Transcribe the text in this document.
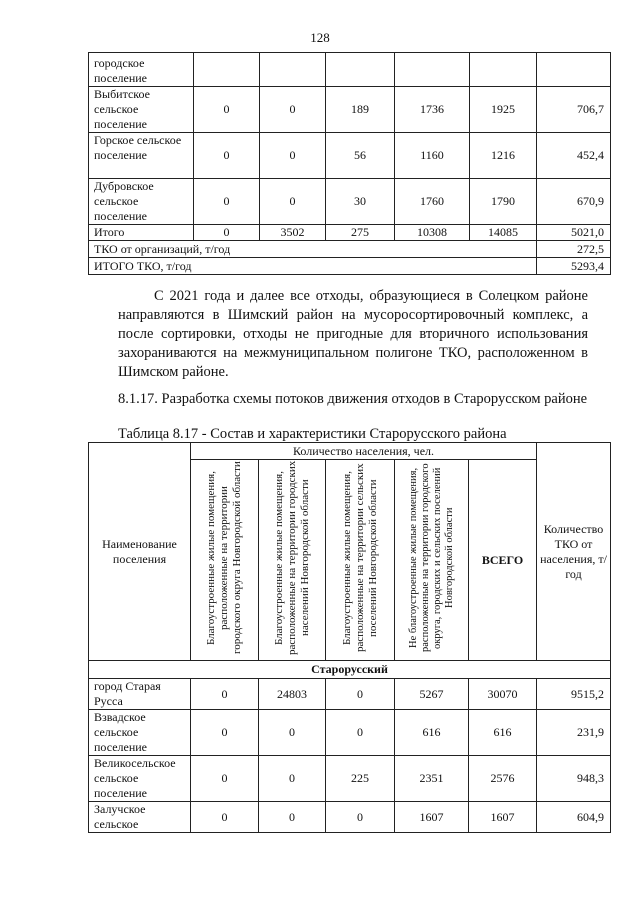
128
городское поселение						
Выбитское сельское поселение	0	0	189	1736	1925	706,7
Горское сельское поселение	0	0	56	1160	1216	452,4
Дубровское сельское поселение	0	0	30	1760	1790	670,9
Итого	0	3502	275	10308	14085	5021,0
ТКО от организаций, т/год						272,5
ИТОГО ТКО, т/год						5293,4

С 2021 года и далее все отходы, образующиеся в Солецком районе направляются в Шимский район на мусоросортировочный комплекс, а после сортировки, отходы не пригодные для вторичного использования захораниваются на межмуниципальном полигоне ТКО, расположенном в Шимском районе.

8.1.17. Разработка схемы потоков движения отходов в Старорусском районе

Таблица 8.17 - Состав и характеристики Старорусского района
Наименование поселения	Количество населения, чел.					Количество ТКО от населения, т/год
	Благоустроенные жилые помещения, расположенные на территории городского округа Новгородской области	Благоустроенные жилые помещения, расположенные на территории городских населений Новгородской области	Благоустроенные жилые помещения, расположенные на территории сельских поселений Новгородской области	Не благоустроенные жилые помещения, расположенные на территории городского округа, городских и сельских поселений Новгородской области	ВСЕГО	
Старорусский						
город Старая Русса	0	24803	0	5267	30070	9515,2
Взвадское сельское поселение	0	0	0	616	616	231,9
Великосельское сельское поселение	0	0	225	2351	2576	948,3
Залучское сельское	0	0	0	1607	1607	604,9
